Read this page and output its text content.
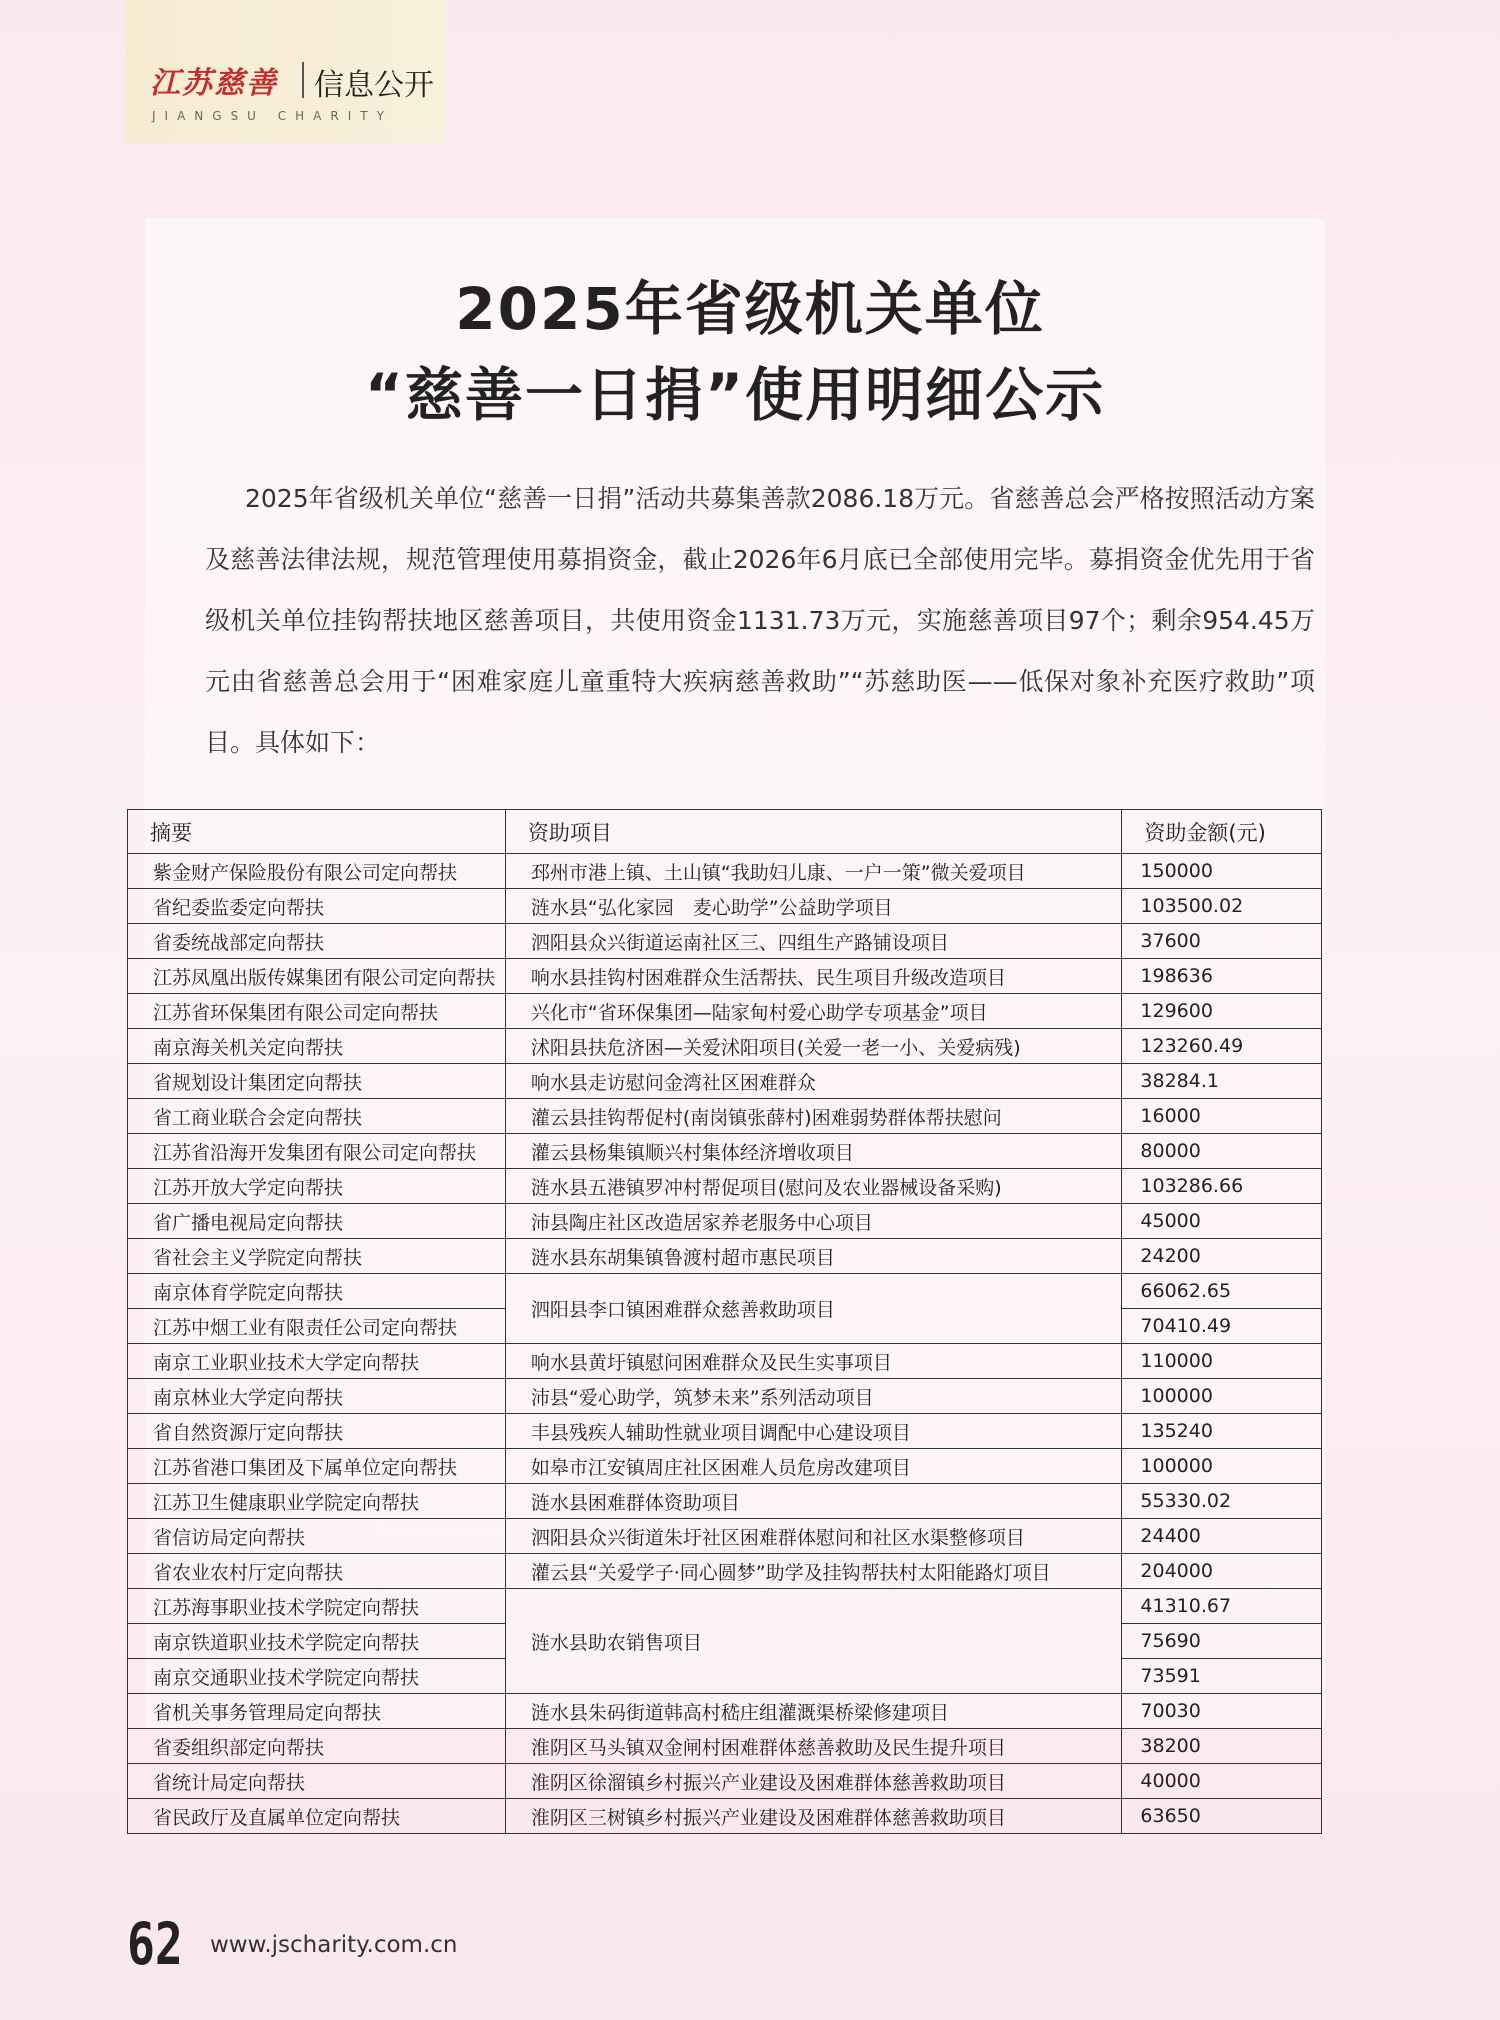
江苏慈善 信息公开
JIANGSU CHARITY
2025年省级机关单位
“慈善一日捐”使用明细公示

2025年省级机关单位“慈善一日捐”活动共募集善款2086.18万元。省慈善总会严格按照活动方案及慈善法律法规，规范管理使用募捐资金，截止2026年6月底已全部使用完毕。募捐资金优先用于省级机关单位挂钩帮扶地区慈善项目，共使用资金1131.73万元，实施慈善项目97个；剩余954.45万元由省慈善总会用于“困难家庭儿童重特大疾病慈善救助”“苏慈助医——低保对象补充医疗救助”项目。具体如下：

摘要	资助项目	资助金额(元)
紫金财产保险股份有限公司定向帮扶	邳州市港上镇、土山镇“我助妇儿康、一户一策”微关爱项目	150000
省纪委监委定向帮扶	涟水县“弘化家园　麦心助学”公益助学项目	103500.02
省委统战部定向帮扶	泗阳县众兴街道运南社区三、四组生产路铺设项目	37600
江苏凤凰出版传媒集团有限公司定向帮扶	响水县挂钩村困难群众生活帮扶、民生项目升级改造项目	198636
江苏省环保集团有限公司定向帮扶	兴化市“省环保集团—陆家甸村爱心助学专项基金”项目	129600
南京海关机关定向帮扶	沭阳县扶危济困—关爱沭阳项目(关爱一老一小、关爱病残)	123260.49
省规划设计集团定向帮扶	响水县走访慰问金湾社区困难群众	38284.1
省工商业联合会定向帮扶	灌云县挂钩帮促村(南岗镇张薛村)困难弱势群体帮扶慰问	16000
江苏省沿海开发集团有限公司定向帮扶	灌云县杨集镇顺兴村集体经济增收项目	80000
江苏开放大学定向帮扶	涟水县五港镇罗冲村帮促项目(慰问及农业器械设备采购)	103286.66
省广播电视局定向帮扶	沛县陶庄社区改造居家养老服务中心项目	45000
省社会主义学院定向帮扶	涟水县东胡集镇鲁渡村超市惠民项目	24200
南京体育学院定向帮扶	泗阳县李口镇困难群众慈善救助项目	66062.65
江苏中烟工业有限责任公司定向帮扶		70410.49
南京工业职业技术大学定向帮扶	响水县黄圩镇慰问困难群众及民生实事项目	110000
南京林业大学定向帮扶	沛县“爱心助学，筑梦未来”系列活动项目	100000
省自然资源厅定向帮扶	丰县残疾人辅助性就业项目调配中心建设项目	135240
江苏省港口集团及下属单位定向帮扶	如皋市江安镇周庄社区困难人员危房改建项目	100000
江苏卫生健康职业学院定向帮扶	涟水县困难群体资助项目	55330.02
省信访局定向帮扶	泗阳县众兴街道朱圩社区困难群体慰问和社区水渠整修项目	24400
省农业农村厅定向帮扶	灌云县“关爱学子·同心圆梦”助学及挂钩帮扶村太阳能路灯项目	204000
江苏海事职业技术学院定向帮扶	涟水县助农销售项目	41310.67
南京铁道职业技术学院定向帮扶		75690
南京交通职业技术学院定向帮扶		73591
省机关事务管理局定向帮扶	涟水县朱码街道韩高村嵇庄组灌溉渠桥梁修建项目	70030
省委组织部定向帮扶	淮阴区马头镇双金闸村困难群体慈善救助及民生提升项目	38200
省统计局定向帮扶	淮阴区徐溜镇乡村振兴产业建设及困难群体慈善救助项目	40000
省民政厅及直属单位定向帮扶	淮阴区三树镇乡村振兴产业建设及困难群体慈善救助项目	63650
62 www.jscharity.com.cn
